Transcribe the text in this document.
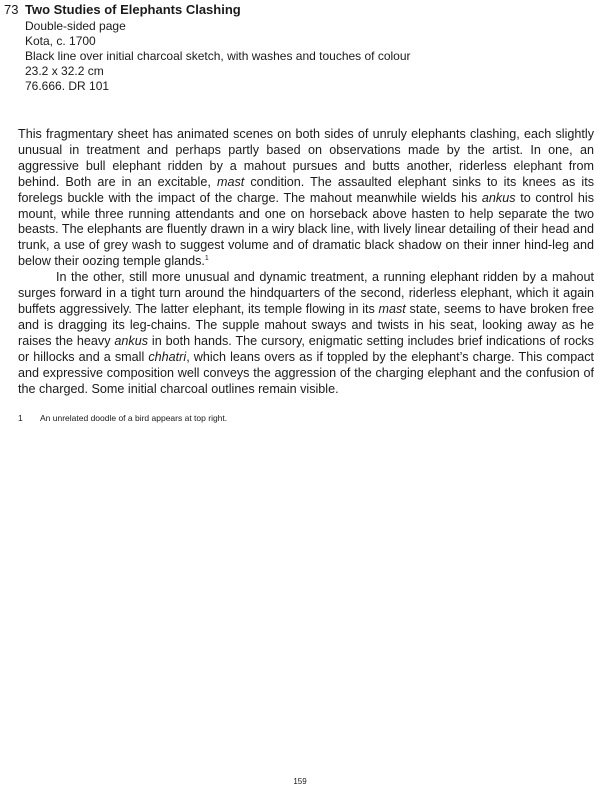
73 Two Studies of Elephants Clashing
Double-sided page
Kota, c. 1700
Black line over initial charcoal sketch, with washes and touches of colour
23.2 x 32.2 cm
76.666. DR 101

This fragmentary sheet has animated scenes on both sides of unruly elephants clashing, each slightly unusual in treatment and perhaps partly based on observations made by the artist. In one, an aggressive bull elephant ridden by a mahout pursues and butts another, riderless elephant from behind. Both are in an excitable, mast condition. The assaulted elephant sinks to its knees as its forelegs buckle with the impact of the charge. The mahout meanwhile wields his ankus to control his mount, while three running attendants and one on horseback above hasten to help separate the two beasts. The elephants are fluently drawn in a wiry black line, with lively linear detailing of their head and trunk, a use of grey wash to suggest volume and of dramatic black shadow on their inner hind-leg and below their oozing temple glands.$^1$

In the other, still more unusual and dynamic treatment, a running elephant ridden by a mahout surges forward in a tight turn around the hindquarters of the second, riderless elephant, which it again buffets aggressively. The latter elephant, its temple flowing in its mast state, seems to have broken free and is dragging its leg-chains. The supple mahout sways and twists in his seat, looking away as he raises the heavy ankus in both hands. The cursory, enigmatic setting includes brief indications of rocks or hillocks and a small chhatri, which leans overs as if toppled by the elephant’s charge. This compact and expressive composition well conveys the aggression of the charging elephant and the confusion of the charged. Some initial charcoal outlines remain visible.

1 An unrelated doodle of a bird appears at top right.
159
